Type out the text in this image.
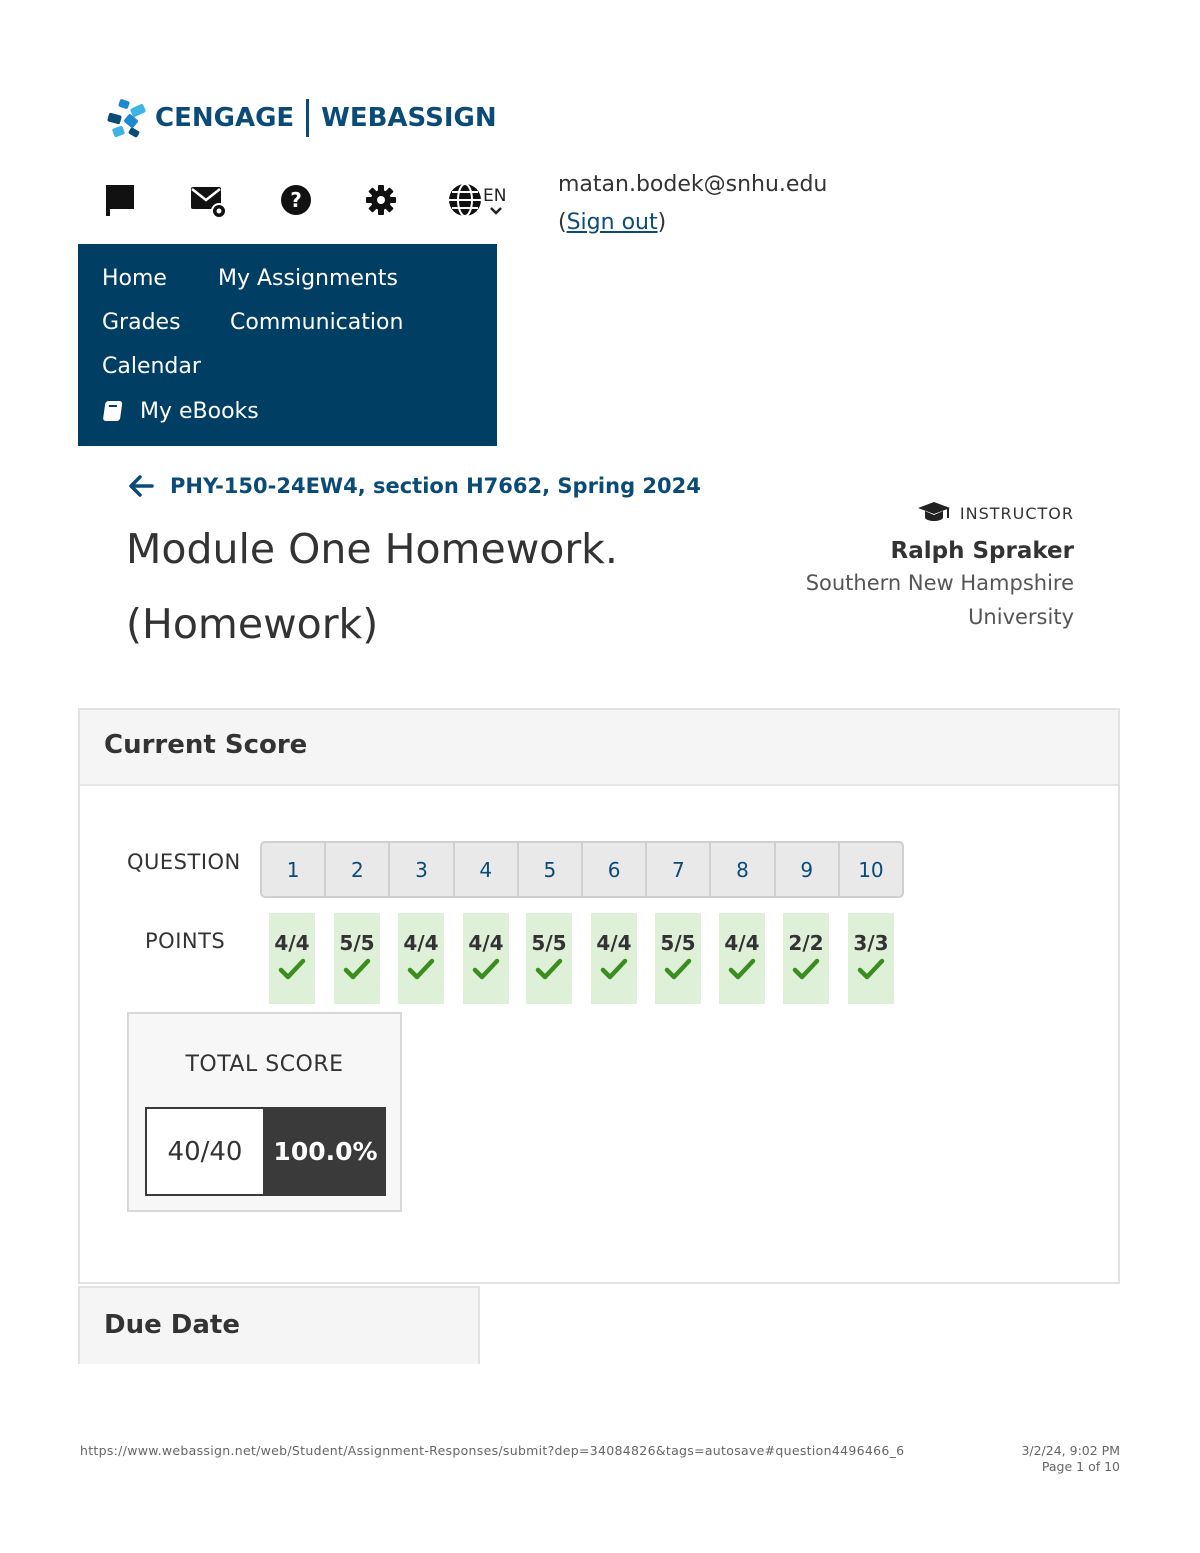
CENGAGE WEBASSIGN
?	EN matan.bodek@snhu.edu
(Sign out)
Home My Assignments
Grades Communication
Calendar
My eBooks
PHY-150-24EW4, section H7662, Spring 2024
Module One Homework. (Homework)
INSTRUCTOR
Ralph Spraker
Southern New Hampshire University
Current Score
QUESTION
POINTS
1	2	3	4	5	6	7	8	9	10
4/4 5/5 4/4 4/4 5/5 4/4 5/5 4/4 2/2 3/3
TOTAL SCORE
40/40	100.0%
Due Date
https://www.webassign.net/web/Student/Assignment-Responses/submit?dep=34084826&tags=autosave#question4496466_6	3/2/24, 9:02 PM
Page 1 of 10
